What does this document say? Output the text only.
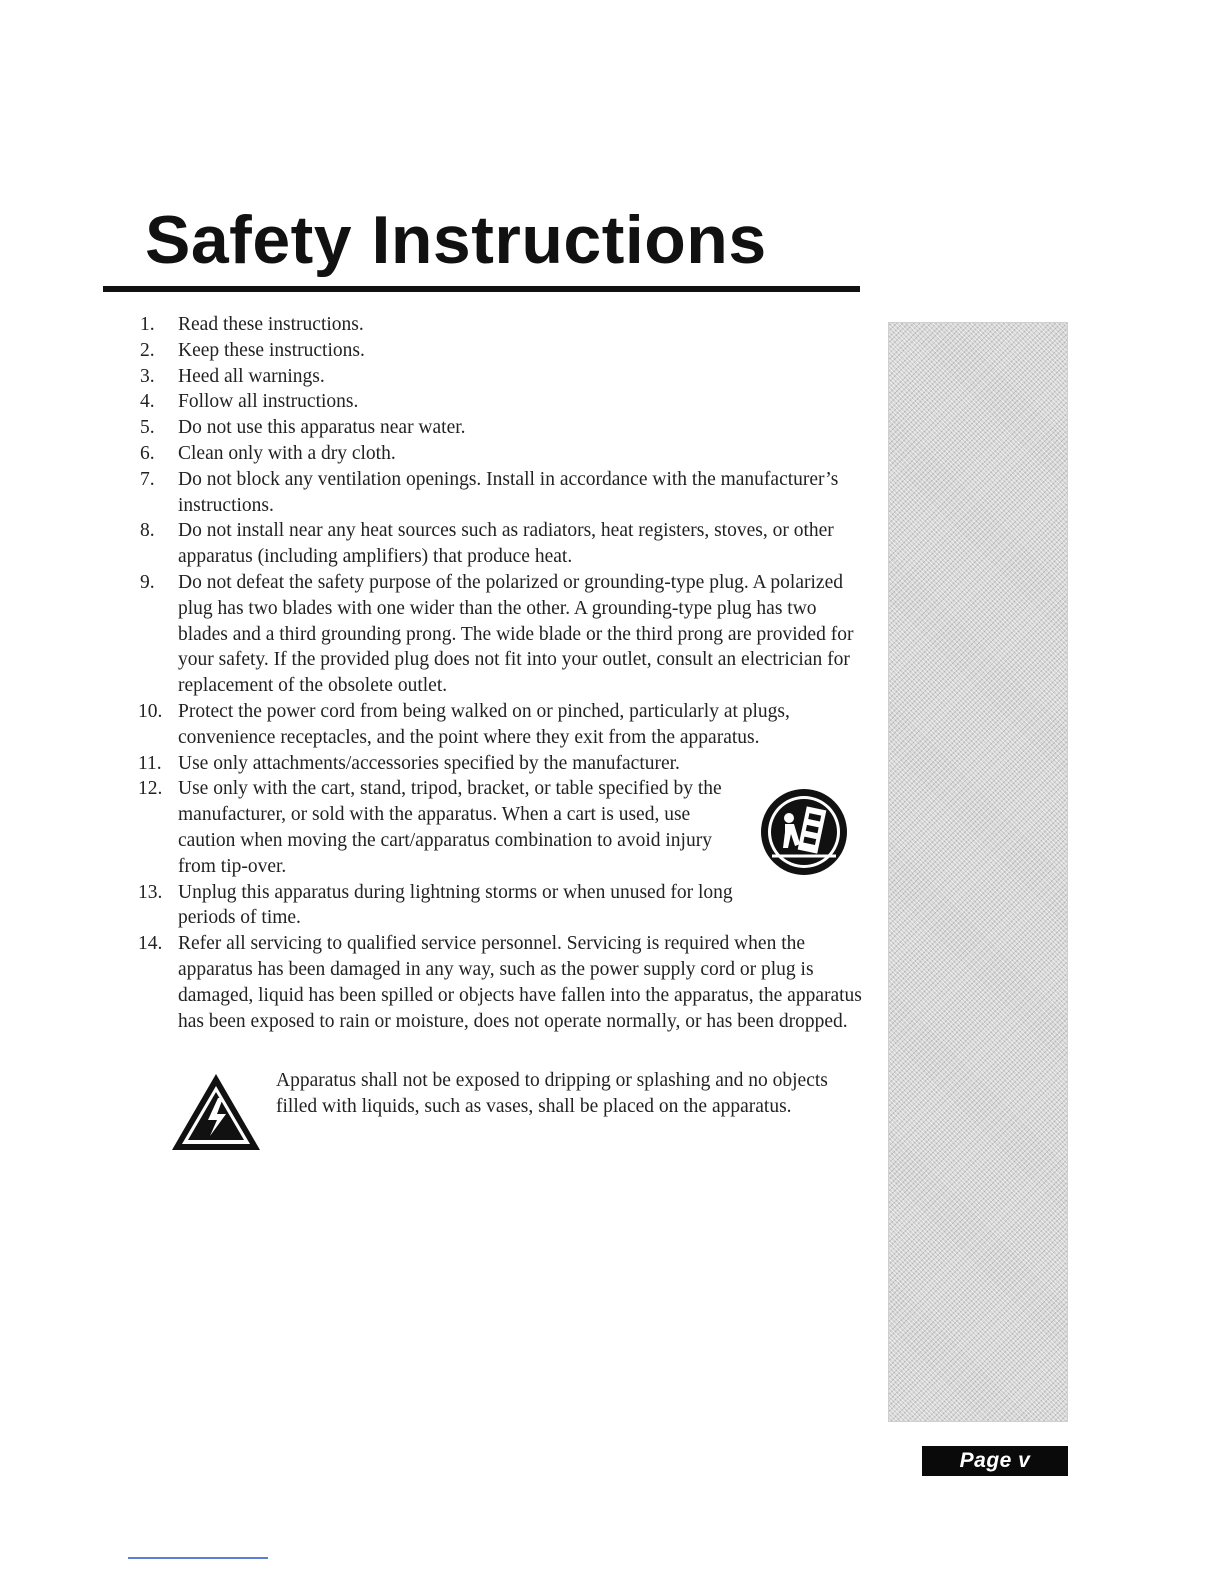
Safety Instructions
1.	Read these instructions.
2.	Keep these instructions.
3.	Heed all warnings.
4.	Follow all instructions.
5.	Do not use this apparatus near water.
6.	Clean only with a dry cloth.
7.	Do not block any ventilation openings. Install in accordance with the manufacturer’s instructions.
8.	Do not install near any heat sources such as radiators, heat registers, stoves, or other apparatus (including amplifiers) that produce heat.
9.	Do not defeat the safety purpose of the polarized or grounding-type plug. A polarized plug has two blades with one wider than the other. A grounding-type plug has two blades and a third grounding prong. The wide blade or the third prong are provided for your safety. If the provided plug does not fit into your outlet, consult an electrician for replacement of the obsolete outlet.
10. Protect the power cord from being walked on or pinched, particularly at plugs, convenience receptacles, and the point where they exit from the apparatus.
11. Use only attachments/accessories specified by the manufacturer.
12. Use only with the cart, stand, tripod, bracket, or table specified by the manufacturer, or sold with the apparatus. When a cart is used, use caution when moving the cart/apparatus combination to avoid injury from tip-over.
13. Unplug this apparatus during lightning storms or when unused for long periods of time.
14. Refer all servicing to qualified service personnel. Servicing is required when the apparatus has been damaged in any way, such as the power supply cord or plug is damaged, liquid has been spilled or objects have fallen into the apparatus, the apparatus has been exposed to rain or moisture, does not operate normally, or has been dropped.

Apparatus shall not be exposed to dripping or splashing and no objects filled with liquids, such as vases, shall be placed on the apparatus.

Page v
